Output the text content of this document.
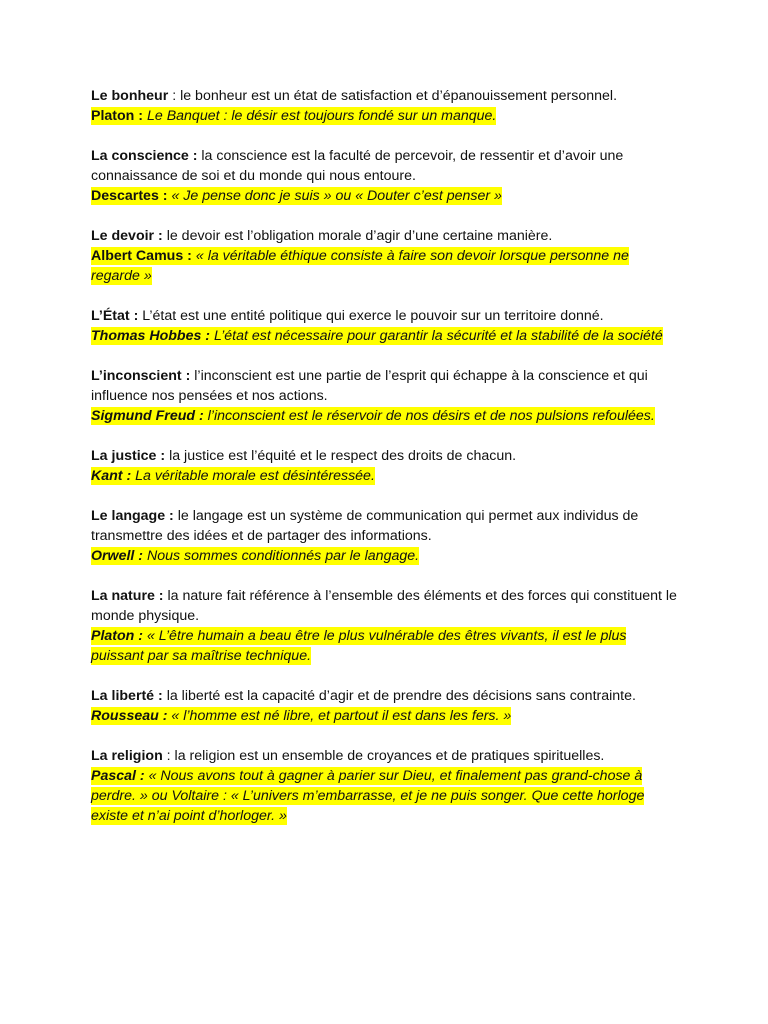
Le bonheur : le bonheur est un état de satisfaction et d’épanouissement personnel.
Platon : Le Banquet : le désir est toujours fondé sur un manque.
La conscience : la conscience est la faculté de percevoir, de ressentir et d’avoir une connaissance de soi et du monde qui nous entoure.
Descartes : « Je pense donc je suis » ou « Douter c’est penser »
Le devoir : le devoir est l’obligation morale d’agir d’une certaine manière.
Albert Camus : « la véritable éthique consiste à faire son devoir lorsque personne ne regarde »
L’État : L’état est une entité politique qui exerce le pouvoir sur un territoire donné.
Thomas Hobbes : L’état est nécessaire pour garantir la sécurité et la stabilité de la société
L’inconscient : l’inconscient est une partie de l’esprit qui échappe à la conscience et qui influence nos pensées et nos actions.
Sigmund Freud : l’inconscient est le réservoir de nos désirs et de nos pulsions refoulées.
La justice : la justice est l’équité et le respect des droits de chacun.
Kant : La véritable morale est désintéressée.
Le langage : le langage est un système de communication qui permet aux individus de transmettre des idées et de partager des informations.
Orwell : Nous sommes conditionnés par le langage.
La nature : la nature fait référence à l’ensemble des éléments et des forces qui constituent le monde physique.
Platon : « L’être humain a beau être le plus vulnérable des êtres vivants, il est le plus puissant par sa maîtrise technique.
La liberté : la liberté est la capacité d’agir et de prendre des décisions sans contrainte.
Rousseau : « l’homme est né libre, et partout il est dans les fers. »
La religion : la religion est un ensemble de croyances et de pratiques spirituelles.
Pascal : « Nous avons tout à gagner à parier sur Dieu, et finalement pas grand-chose à perdre. » ou Voltaire : « L’univers m’embarrasse, et je ne puis songer. Que cette horloge existe et n’ai point d’horloger. »
